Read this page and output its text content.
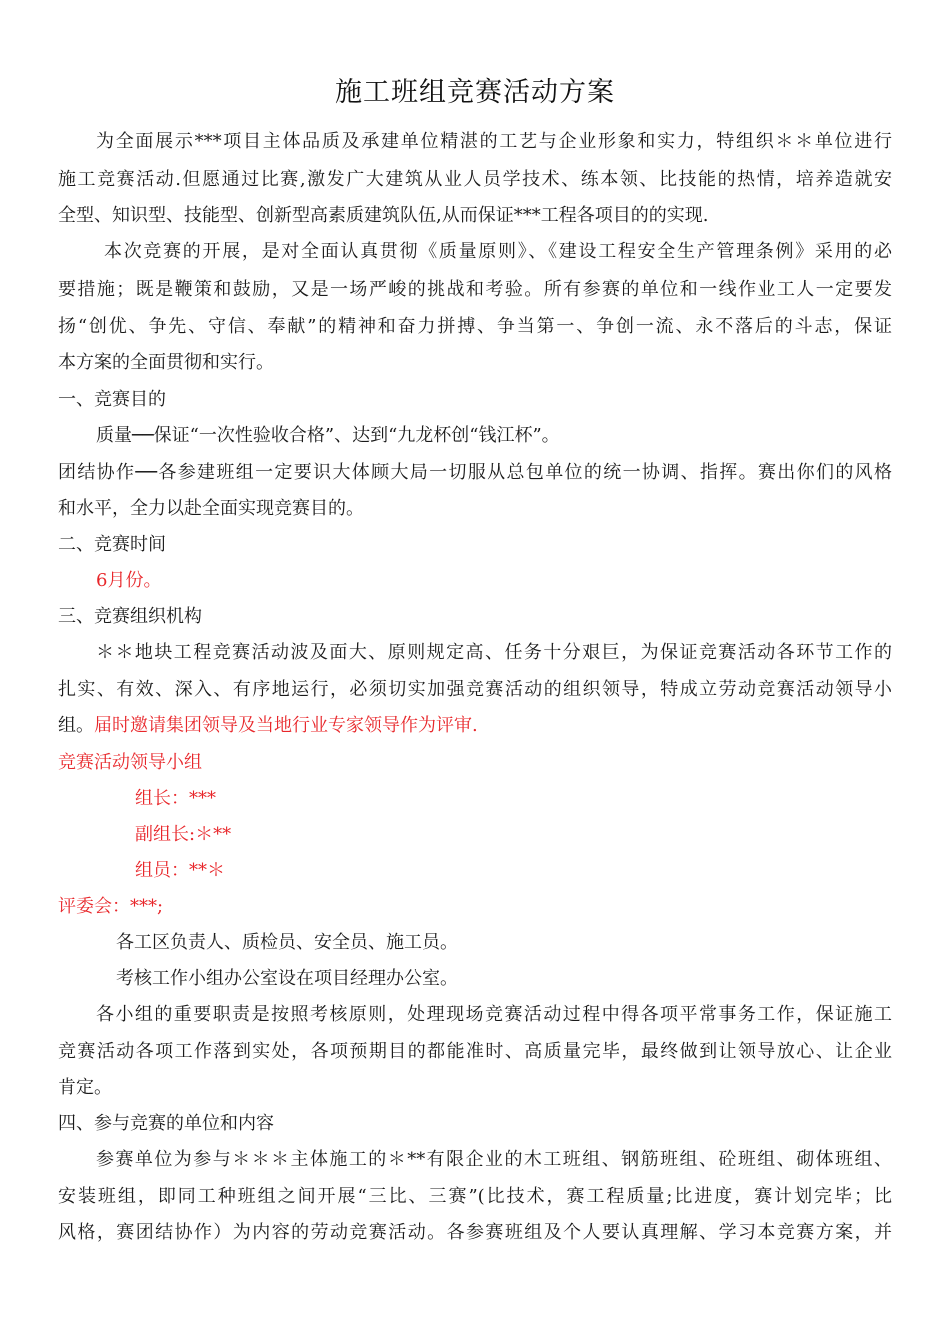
施工班组竞赛活动方案
为全面展示***项目主体品质及承建单位精湛的工艺与企业形象和实力，特组织＊＊单位进行
施工竞赛活动.但愿通过比赛,激发广大建筑从业人员学技术、练本领、比技能的热情，培养造就安
全型、知识型、技能型、创新型高素质建筑队伍,从而保证***工程各项目的的实现.
本次竞赛的开展，是对全面认真贯彻《质量原则》、《建设工程安全生产管理条例》采用的必
要措施；既是鞭策和鼓励，又是一场严峻的挑战和考验。所有参赛的单位和一线作业工人一定要发
扬“创优、争先、守信、奉献”的精神和奋力拼搏、争当第一、争创一流、永不落后的斗志，保证
本方案的全面贯彻和实行。
一、竞赛目的
质量──保证“一次性验收合格”、达到“九龙杯创“钱江杯”。
团结协作──各参建班组一定要识大体顾大局一切服从总包单位的统一协调、指挥。赛出你们的风格
和水平，全力以赴全面实现竞赛目的。
二、竞赛时间
6月份。
三、竞赛组织机构
＊＊地块工程竞赛活动波及面大、原则规定高、任务十分艰巨，为保证竞赛活动各环节工作的
扎实、有效、深入、有序地运行，必须切实加强竞赛活动的组织领导，特成立劳动竞赛活动领导小
组。届时邀请集团领导及当地行业专家领导作为评审.
竞赛活动领导小组
组长：***
副组长:＊**
组员：**＊
评委会：***;
各工区负责人、质检员、安全员、施工员。
考核工作小组办公室设在项目经理办公室。
各小组的重要职责是按照考核原则，处理现场竞赛活动过程中得各项平常事务工作，保证施工
竞赛活动各项工作落到实处，各项预期目的都能准时、高质量完毕，最终做到让领导放心、让企业
肯定。
四、参与竞赛的单位和内容
参赛单位为参与＊＊＊主体施工的＊**有限企业的木工班组、钢筋班组、砼班组、砌体班组、
安装班组，即同工种班组之间开展“三比、三赛”(比技术，赛工程质量;比进度，赛计划完毕；比
风格，赛团结协作）为内容的劳动竞赛活动。各参赛班组及个人要认真理解、学习本竞赛方案，并
